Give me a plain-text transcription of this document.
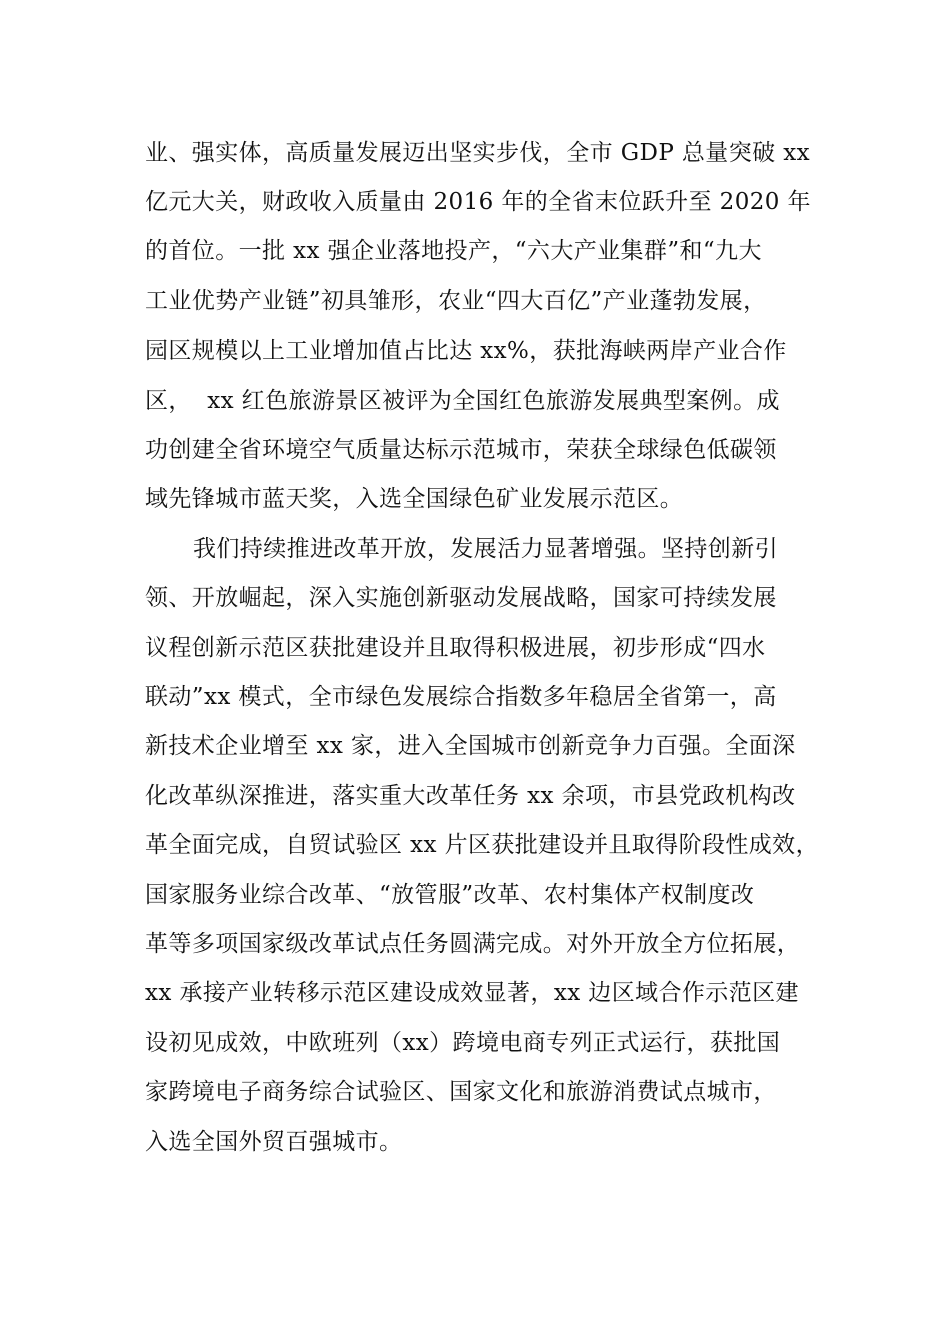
业、强实体，高质量发展迈出坚实步伐，全市 GDP 总量突破 xx
亿元大关，财政收入质量由 2016 年的全省末位跃升至 2020 年
的首位。一批 xx 强企业落地投产，“六大产业集群”和“九大
工业优势产业链”初具雏形，农业“四大百亿”产业蓬勃发展，
园区规模以上工业增加值占比达 xx%，获批海峡两岸产业合作
区，  xx 红色旅游景区被评为全国红色旅游发展典型案例。成
功创建全省环境空气质量达标示范城市，荣获全球绿色低碳领
域先锋城市蓝天奖，入选全国绿色矿业发展示范区。
我们持续推进改革开放，发展活力显著增强。坚持创新引
领、开放崛起，深入实施创新驱动发展战略，国家可持续发展
议程创新示范区获批建设并且取得积极进展，初步形成“四水
联动”xx 模式，全市绿色发展综合指数多年稳居全省第一，高
新技术企业增至 xx 家，进入全国城市创新竞争力百强。全面深
化改革纵深推进，落实重大改革任务 xx 余项，市县党政机构改
革全面完成，自贸试验区 xx 片区获批建设并且取得阶段性成效，
国家服务业综合改革、“放管服”改革、农村集体产权制度改
革等多项国家级改革试点任务圆满完成。对外开放全方位拓展，
xx 承接产业转移示范区建设成效显著，xx 边区域合作示范区建
设初见成效，中欧班列（xx）跨境电商专列正式运行，获批国
家跨境电子商务综合试验区、国家文化和旅游消费试点城市，
入选全国外贸百强城市。
